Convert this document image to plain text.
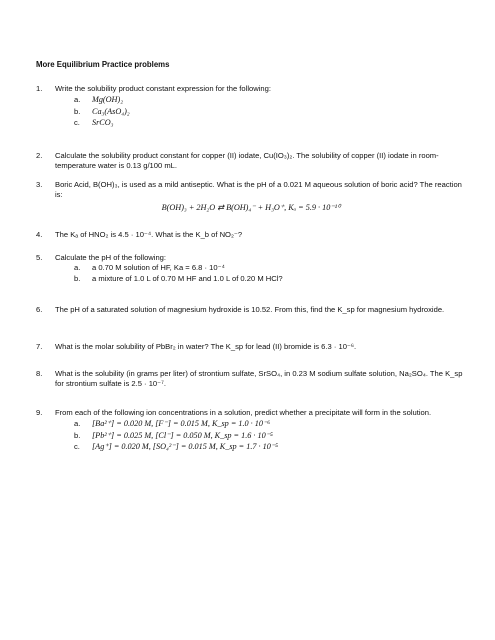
More Equilibrium Practice problems
1. Write the solubility product constant expression for the following:
a. Mg(OH)₂
b. Ca₃(AsO₄)₂
c. SrCO₃
2. Calculate the solubility product constant for copper (II) iodate, Cu(IO₃)₂. The solubility of copper (II) iodate in room-temperature water is 0.13 g/100 mL.
3. Boric Acid, B(OH)₃, is used as a mild antiseptic. What is the pH of a 0.021 M aqueous solution of boric acid? The reaction is:
B(OH)₃ + 2H₂O ⇄ B(OH)₄⁻ + H₃O⁺, Kₐ = 5.9 · 10⁻¹⁰
4. The Kₐ of HNO₂ is 4.5 · 10⁻⁴. What is the K_b of NO₂⁻?
5. Calculate the pH of the following:
a. a 0.70 M solution of HF, Ka = 6.8 · 10⁻⁴
b. a mixture of 1.0 L of 0.70 M HF and 1.0 L of 0.20 M HCl?
6. The pH of a saturated solution of magnesium hydroxide is 10.52. From this, find the K_sp for magnesium hydroxide.
7. What is the molar solubility of PbBr₂ in water? The K_sp for lead (II) bromide is 6.3 · 10⁻⁶.
8. What is the solubility (in grams per liter) of strontium sulfate, SrSO₄, in 0.23 M sodium sulfate solution, Na₂SO₄. The K_sp for strontium sulfate is 2.5 · 10⁻⁷.
9. From each of the following ion concentrations in a solution, predict whether a precipitate will form in the solution.
a. [Ba²⁺] = 0.020 M, [F⁻] = 0.015 M, K_sp = 1.0 · 10⁻⁶
b. [Pb²⁺] = 0.025 M, [Cl⁻] = 0.050 M, K_sp = 1.6 · 10⁻⁵
c. [Ag⁺] = 0.020 M, [SO₄²⁻] = 0.015 M, K_sp = 1.7 · 10⁻⁵
